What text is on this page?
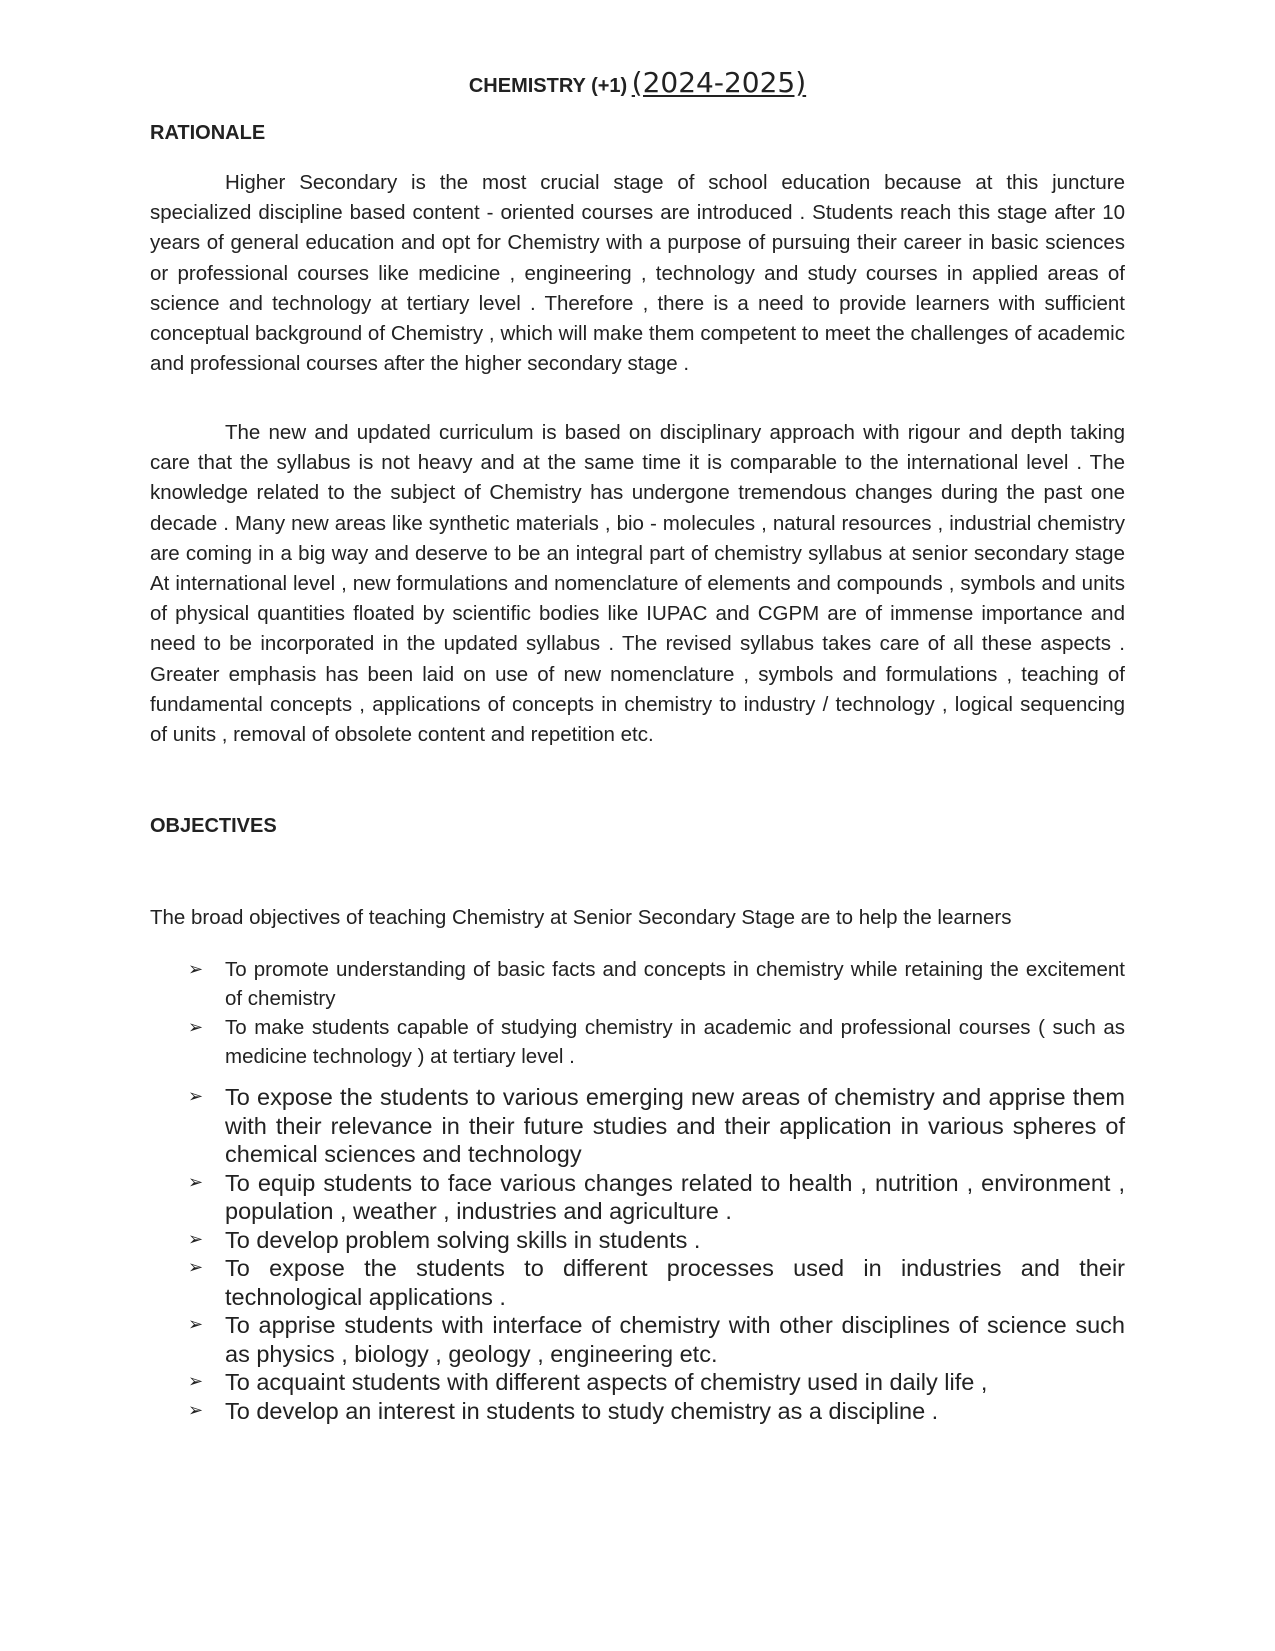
CHEMISTRY (+1) (2024-2025)
RATIONALE

Higher Secondary is the most crucial stage of school education because at this juncture specialized discipline based content - oriented courses are introduced . Students reach this stage after 10 years of general education and opt for Chemistry with a purpose of pursuing their career in basic sciences or professional courses like medicine , engineering , technology and study courses in applied areas of science and technology at tertiary level . Therefore , there is a need to provide learners with sufficient conceptual background of Chemistry , which will make them competent to meet the challenges of academic and professional courses after the higher secondary stage .

The new and updated curriculum is based on disciplinary approach with rigour and depth taking care that the syllabus is not heavy and at the same time it is comparable to the international level . The knowledge related to the subject of Chemistry has undergone tremendous changes during the past one decade . Many new areas like synthetic materials , bio - molecules , natural resources , industrial chemistry are coming in a big way and deserve to be an integral part of chemistry syllabus at senior secondary stage At international level , new formulations and nomenclature of elements and compounds , symbols and units of physical quantities floated by scientific bodies like IUPAC and CGPM are of immense importance and need to be incorporated in the updated syllabus . The revised syllabus takes care of all these aspects . Greater emphasis has been laid on use of new nomenclature , symbols and formulations , teaching of fundamental concepts , applications of concepts in chemistry to industry / technology , logical sequencing of units , removal of obsolete content and repetition etc.

OBJECTIVES

The broad objectives of teaching Chemistry at Senior Secondary Stage are to help the learners

➢ To promote understanding of basic facts and concepts in chemistry while retaining the excitement of chemistry
➢ To make students capable of studying chemistry in academic and professional courses ( such as medicine technology ) at tertiary level .
➢ To expose the students to various emerging new areas of chemistry and apprise them with their relevance in their future studies and their application in various spheres of chemical sciences and technology
➢ To equip students to face various changes related to health , nutrition , environment , population , weather , industries and agriculture .
➢ To develop problem solving skills in students .
➢ To expose the students to different processes used in industries and their technological applications .
➢ To apprise students with interface of chemistry with other disciplines of science such as physics , biology , geology , engineering etc.
➢ To acquaint students with different aspects of chemistry used in daily life ,
➢ To develop an interest in students to study chemistry as a discipline .
